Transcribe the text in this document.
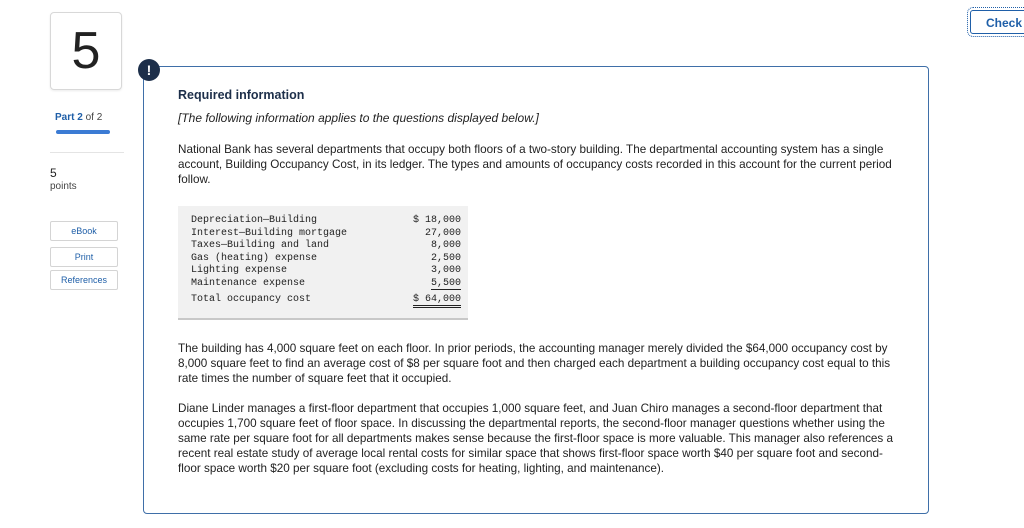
5
Part 2 of 2
5
points
eBook
Print
References
Check
!
Required information
[The following information applies to the questions displayed below.]

National Bank has several departments that occupy both floors of a two-story building. The departmental accounting system has a single account, Building Occupancy Cost, in its ledger. The types and amounts of occupancy costs recorded in this account for the current period follow.

Depreciation—Building	$ 18,000
Interest—Building mortgage	27,000
Taxes—Building and land	8,000
Gas (heating) expense	2,500
Lighting expense	3,000
Maintenance expense	5,500
Total occupancy cost	$ 64,000

The building has 4,000 square feet on each floor. In prior periods, the accounting manager merely divided the $64,000 occupancy cost by 8,000 square feet to find an average cost of $8 per square foot and then charged each department a building occupancy cost equal to this rate times the number of square feet that it occupied.

Diane Linder manages a first-floor department that occupies 1,000 square feet, and Juan Chiro manages a second-floor department that occupies 1,700 square feet of floor space. In discussing the departmental reports, the second-floor manager questions whether using the same rate per square foot for all departments makes sense because the first-floor space is more valuable. This manager also references a recent real estate study of average local rental costs for similar space that shows first-floor space worth $40 per square foot and second-floor space worth $20 per square foot (excluding costs for heating, lighting, and maintenance).
